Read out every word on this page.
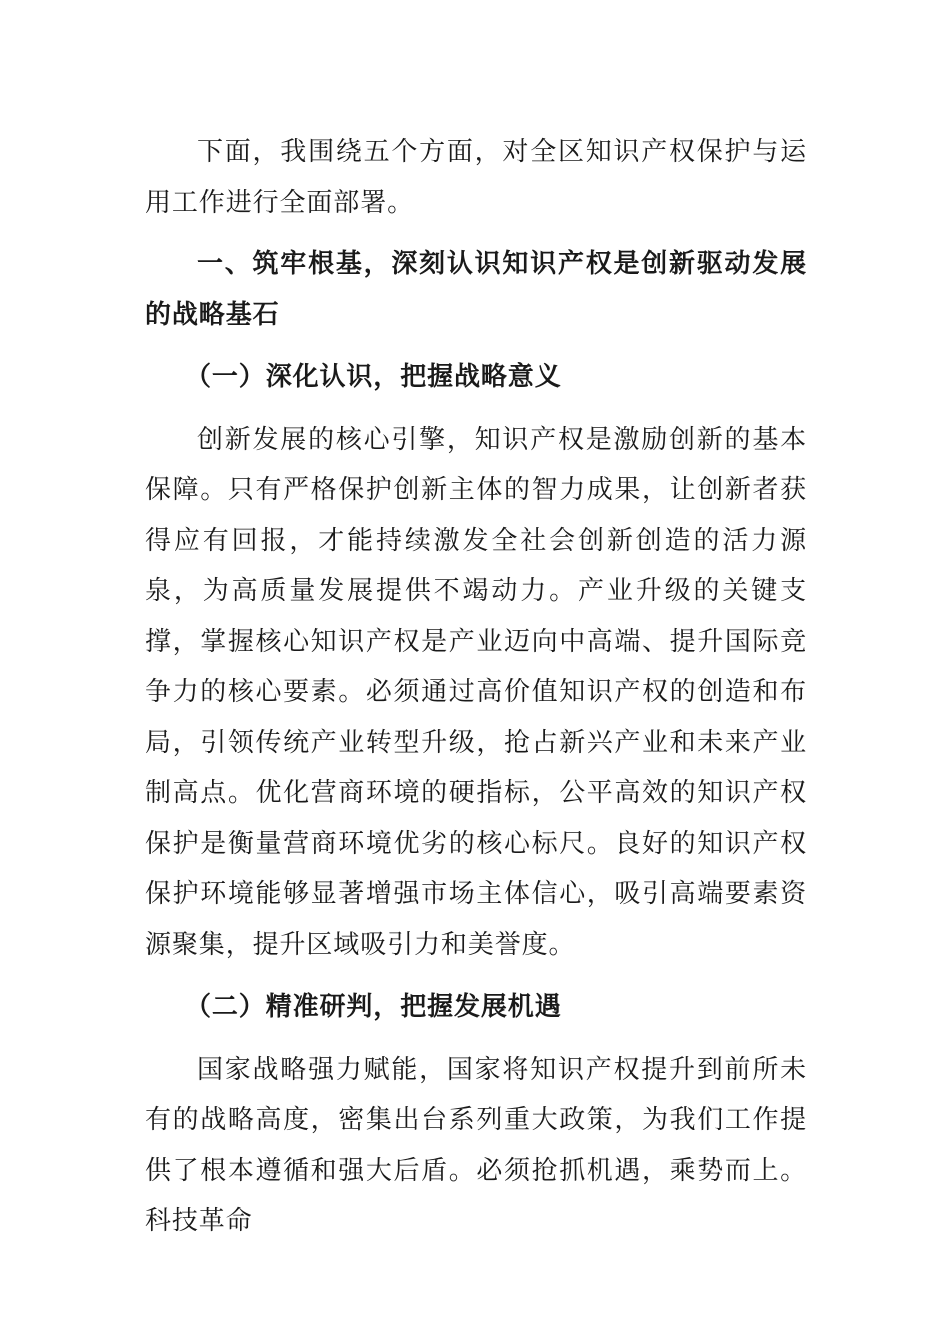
下面，我围绕五个方面，对全区知识产权保护与运用工作进行全面部署。

一、筑牢根基，深刻认识知识产权是创新驱动发展的战略基石

（一）深化认识，把握战略意义

创新发展的核心引擎，知识产权是激励创新的基本保障。只有严格保护创新主体的智力成果，让创新者获得应有回报，才能持续激发全社会创新创造的活力源泉，为高质量发展提供不竭动力。产业升级的关键支撑，掌握核心知识产权是产业迈向中高端、提升国际竞争力的核心要素。必须通过高价值知识产权的创造和布局，引领传统产业转型升级，抢占新兴产业和未来产业制高点。优化营商环境的硬指标，公平高效的知识产权保护是衡量营商环境优劣的核心标尺。良好的知识产权保护环境能够显著增强市场主体信心，吸引高端要素资源聚集，提升区域吸引力和美誉度。

（二）精准研判，把握发展机遇

国家战略强力赋能，国家将知识产权提升到前所未有的战略高度，密集出台系列重大政策，为我们工作提供了根本遵循和强大后盾。必须抢抓机遇，乘势而上。科技革命
